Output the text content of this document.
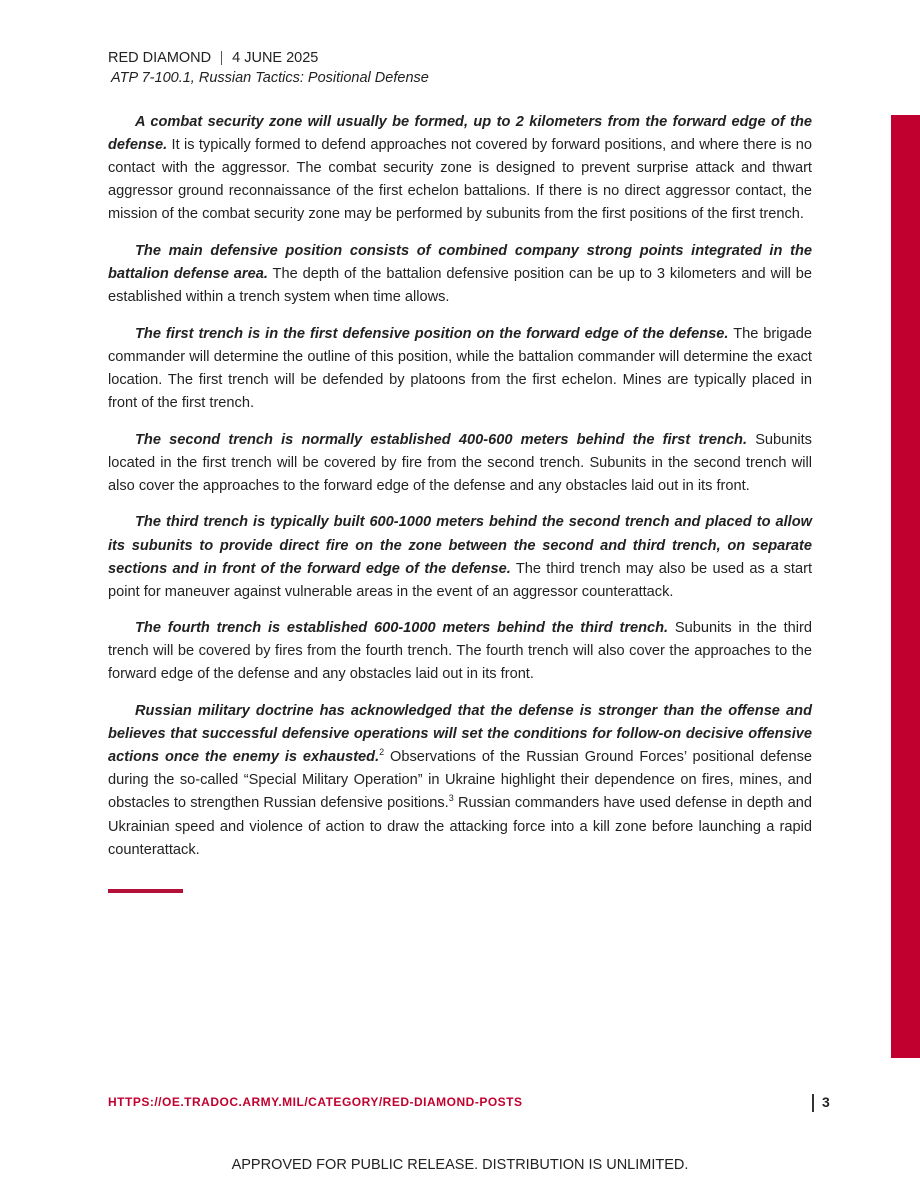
RED DIAMOND 4 JUNE 2025
ATP 7-100.1, Russian Tactics: Positional Defense

A combat security zone will usually be formed, up to 2 kilometers from the forward edge of the defense. It is typically formed to defend approaches not covered by forward positions, and where there is no contact with the aggressor. The combat security zone is designed to prevent surprise attack and thwart aggressor ground reconnaissance of the first echelon battalions. If there is no direct aggressor contact, the mission of the combat security zone may be performed by subunits from the first positions of the first trench.

The main defensive position consists of combined company strong points integrated in the battalion defense area. The depth of the battalion defensive position can be up to 3 kilometers and will be established within a trench system when time allows.

The first trench is in the first defensive position on the forward edge of the defense. The brigade commander will determine the outline of this position, while the battalion commander will determine the exact location. The first trench will be defended by platoons from the first echelon. Mines are typically placed in front of the first trench.

The second trench is normally established 400-600 meters behind the first trench. Subunits located in the first trench will be covered by fire from the second trench. Subunits in the second trench will also cover the approaches to the forward edge of the defense and any obstacles laid out in its front.

The third trench is typically built 600-1000 meters behind the second trench and placed to allow its subunits to provide direct fire on the zone between the second and third trench, on separate sections and in front of the forward edge of the defense. The third trench may also be used as a start point for maneuver against vulnerable areas in the event of an aggressor counterattack.

The fourth trench is established 600-1000 meters behind the third trench. Subunits in the third trench will be covered by fires from the fourth trench. The fourth trench will also cover the approaches to the forward edge of the defense and any obstacles laid out in its front.

Russian military doctrine has acknowledged that the defense is stronger than the offense and believes that successful defensive operations will set the conditions for follow-on decisive offensive actions once the enemy is exhausted.$^2$ Observations of the Russian Ground Forces’ positional defense during the so-called “Special Military Operation” in Ukraine highlight their dependence on fires, mines, and obstacles to strengthen Russian defensive positions.$^3$ Russian commanders have used defense in depth and Ukrainian speed and violence of action to draw the attacking force into a kill zone before launching a rapid counterattack.

HTTPS://OE.TRADOC.ARMY.MIL/CATEGORY/RED-DIAMOND-POSTS	3
APPROVED FOR PUBLIC RELEASE. DISTRIBUTION IS UNLIMITED.
